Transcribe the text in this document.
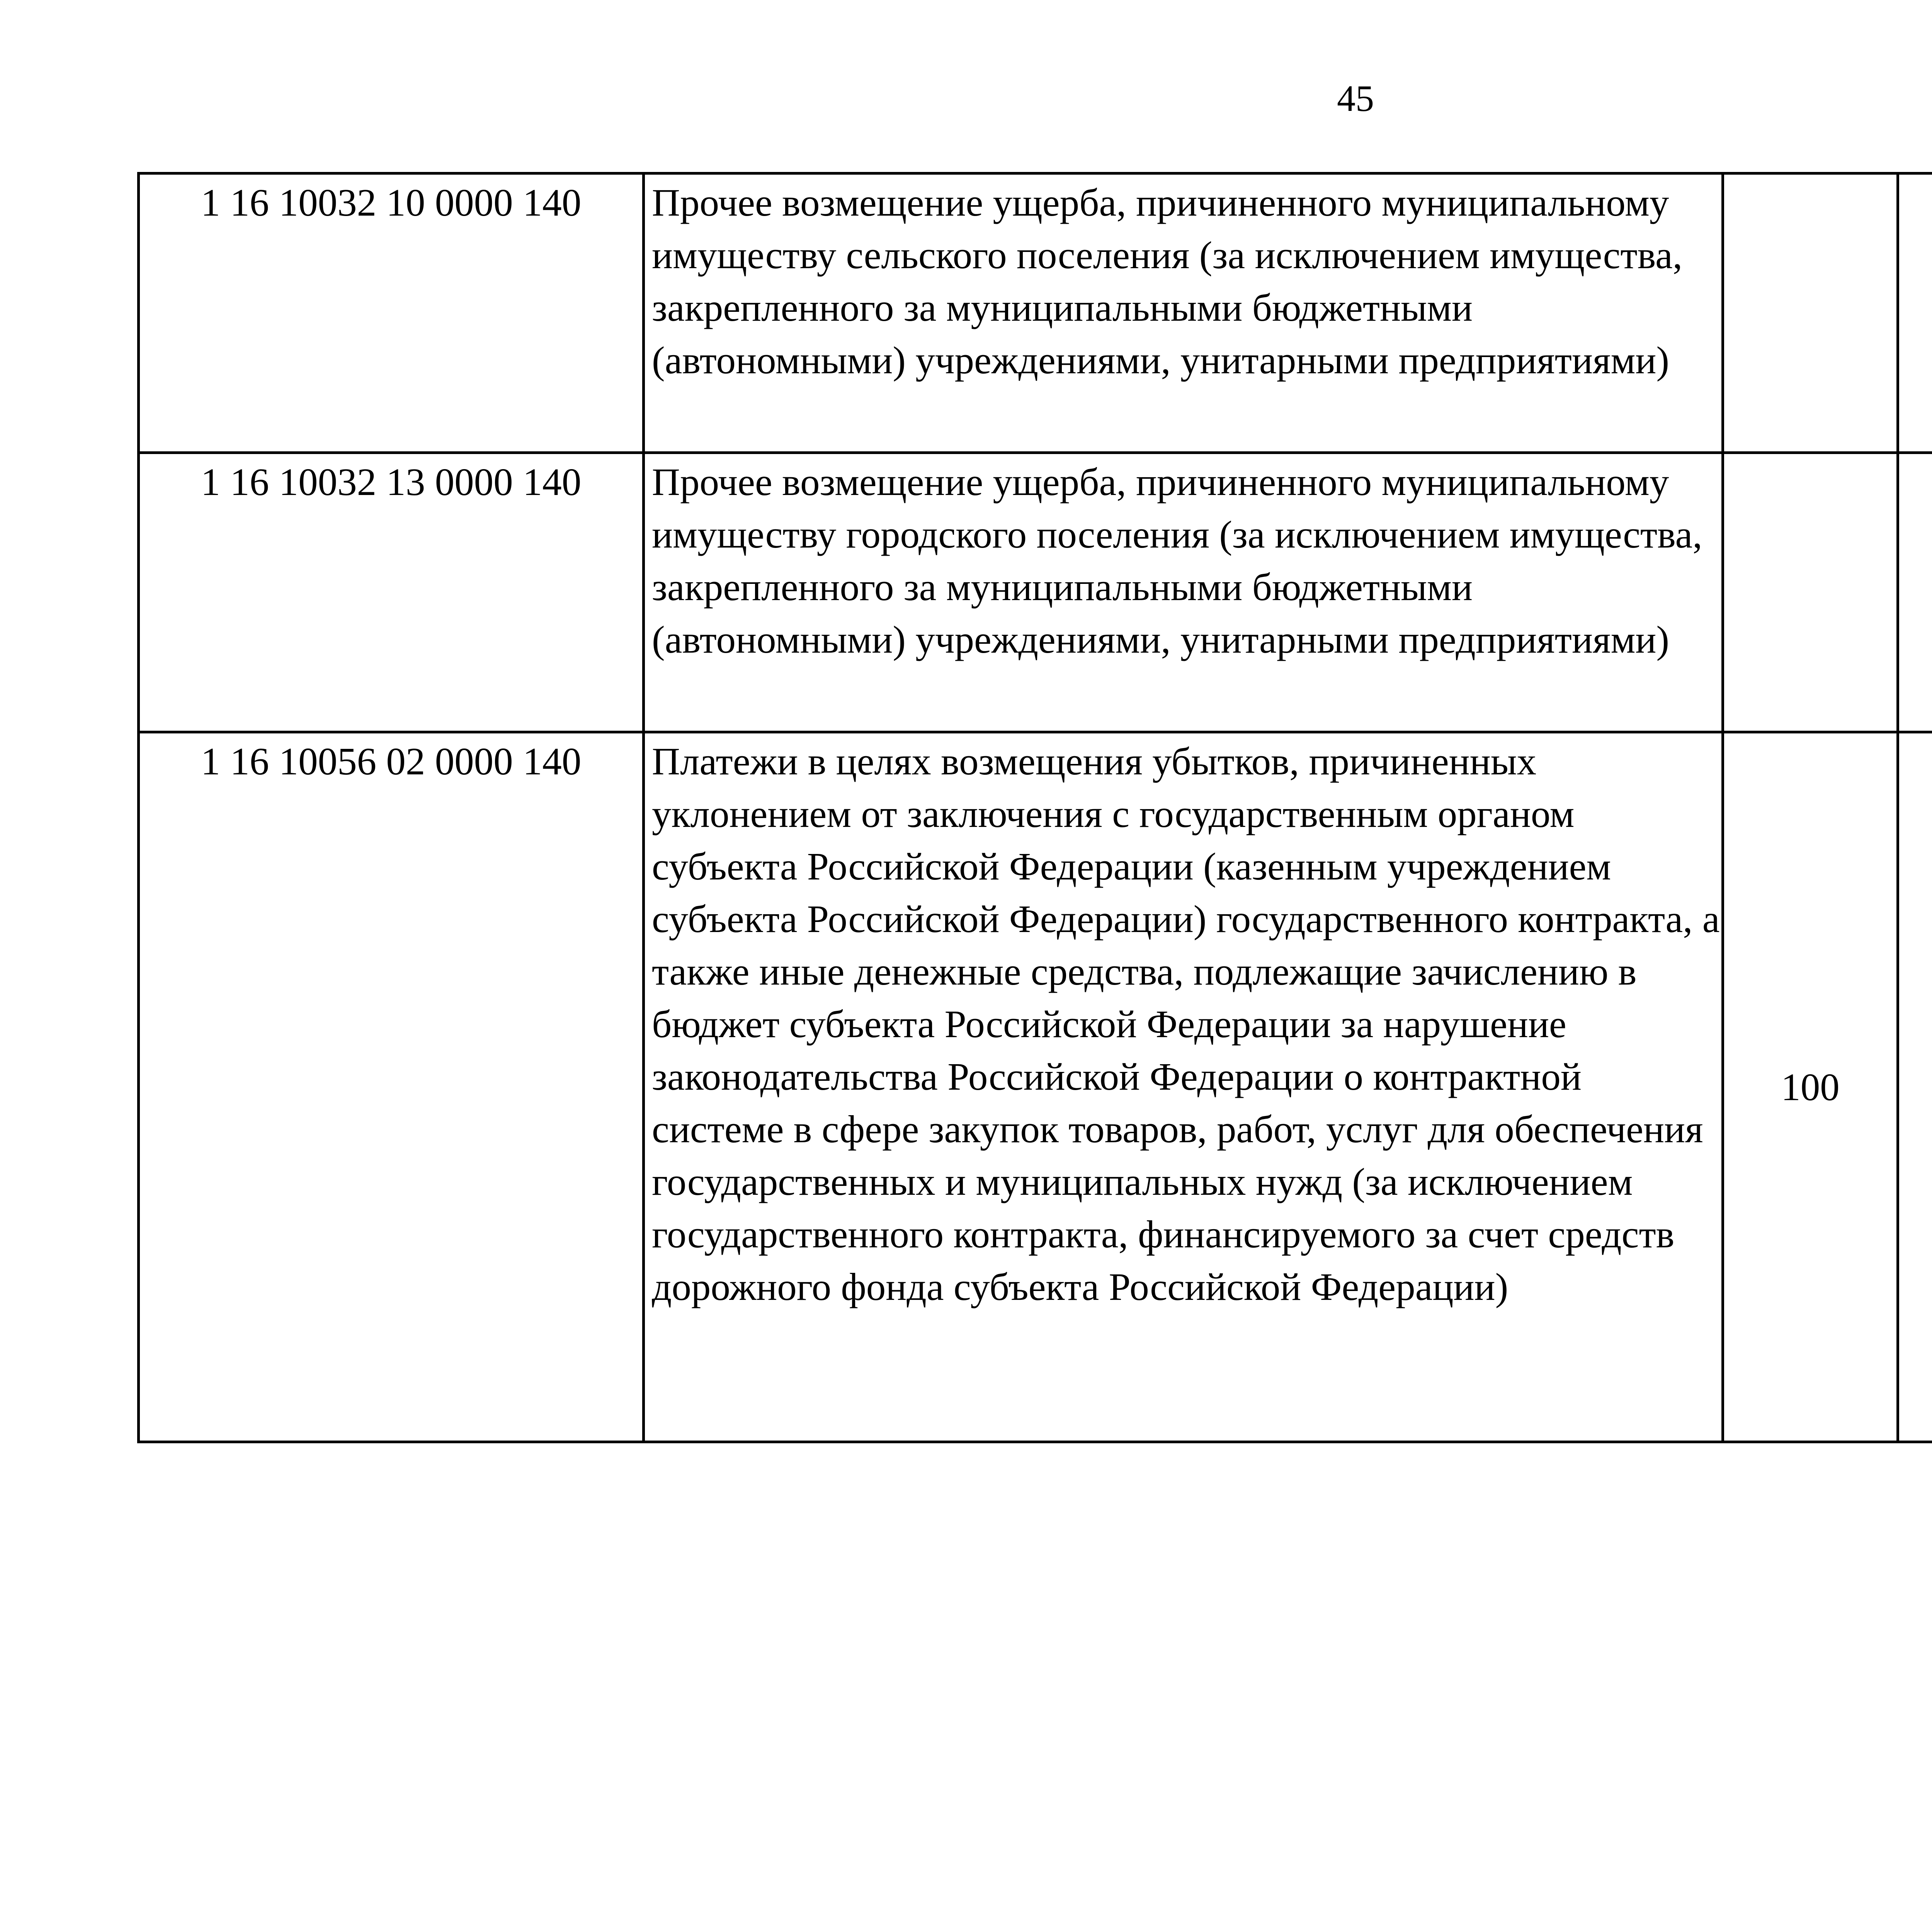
45
1 16 10032 10 0000 140	Прочее возмещение ущерба, причиненного муниципальному имуществу сельского поселения (за исключением имущества, закрепленного за муниципальными бюджетными (автономными) учреждениями, унитарными предприятиями)					
1 16 10032 13 0000 140	Прочее возмещение ущерба, причиненного муниципальному имуществу городского поселения (за исключением имущества, закрепленного за муниципальными бюджетными (автономными) учреждениями, унитарными предприятиями)					
1 16 10056 02 0000 140	Платежи в целях возмещения убытков, причиненных уклонением от заключения с государственным органом субъекта Российской Федерации (казенным учреждением субъекта Российской Федерации) государственного контракта, а также иные денежные средства, подлежащие зачислению в бюджет субъекта Российской Федерации за нарушение законодательства Российской Федерации о контрактной системе в сфере закупок товаров, работ, услуг для обеспечения государственных и муниципальных нужд (за исключением государственного контракта, финансируемого за счет средств дорожного фонда субъекта Российской Федерации)	100				
